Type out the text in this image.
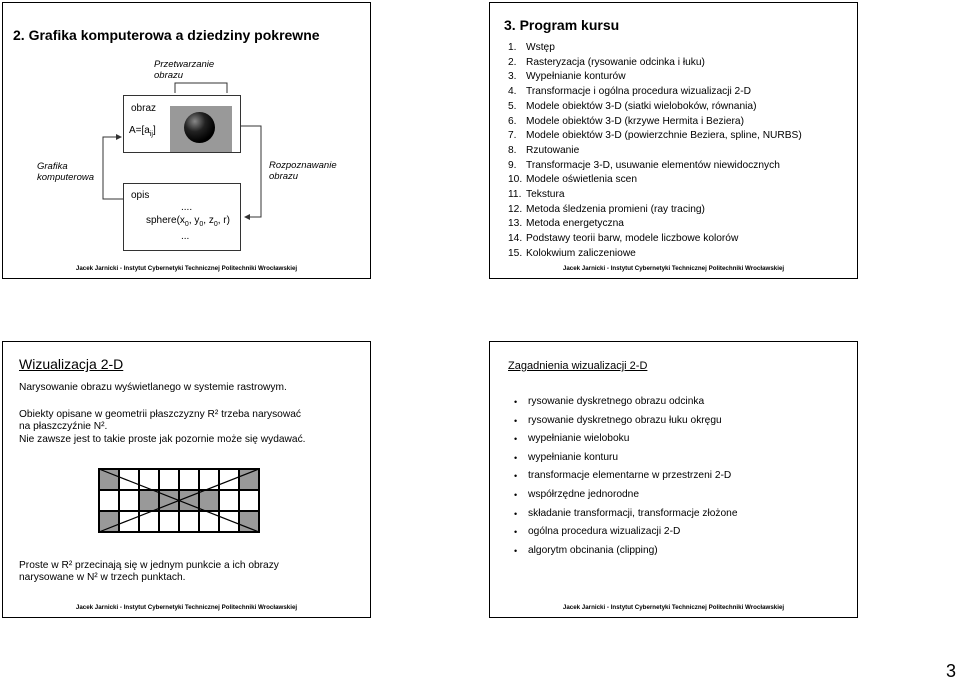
2. Grafika komputerowa a dziedziny pokrewne
Przetwarzanie
obrazu
obraz
$A=[a_{ij}]$
Grafika
komputerowa
Rozpoznawanie
obrazu
opis
....
$sphere(x_0$, $y_0$, $z_0$, r)
...
Jacek Jarnicki - Instytut Cybernetyki Technicznej Politechniki Wrocławskiej
3. Program kursu
1. Wstęp
2. Rasteryzacja (rysowanie odcinka i łuku)
3. Wypełnianie konturów
4. Transformacje i ogólna procedura wizualizacji 2-D
5. Modele obiektów 3-D (siatki wieloboków, równania)
6. Modele obiektów 3-D (krzywe Hermita i Beziera)
7. Modele obiektów 3-D (powierzchnie Beziera, spline, NURBS)
8. Rzutowanie
9. Transformacje 3-D, usuwanie elementów niewidocznych
10. Modele oświetlenia scen
11. Tekstura
12. Metoda śledzenia promieni (ray tracing)
13. Metoda energetyczna
14. Podstawy teorii barw, modele liczbowe kolorów
15. Kolokwium zaliczeniowe
Jacek Jarnicki - Instytut Cybernetyki Technicznej Politechniki Wrocławskiej
Wizualizacja 2-D
Narysowanie obrazu wyświetlanego w systemie rastrowym.
Obiekty opisane w geometrii płaszczyzny R² trzeba narysować
na płaszczyźnie N².
Nie zawsze jest to takie proste jak pozornie może się wydawać.
Proste w R² przecinają się w jednym punkcie a ich obrazy
narysowane w N² w trzech punktach.
Jacek Jarnicki - Instytut Cybernetyki Technicznej Politechniki Wrocławskiej
Zagadnienia wizualizacji 2-D
• rysowanie dyskretnego obrazu odcinka
• rysowanie dyskretnego obrazu łuku okręgu
• wypełnianie wieloboku
• wypełnianie konturu
• transformacje elementarne w przestrzeni 2-D
• współrzędne jednorodne
• składanie transformacji, transformacje złożone
• ogólna procedura wizualizacji 2-D
• algorytm obcinania (clipping)
Jacek Jarnicki - Instytut Cybernetyki Technicznej Politechniki Wrocławskiej
3
